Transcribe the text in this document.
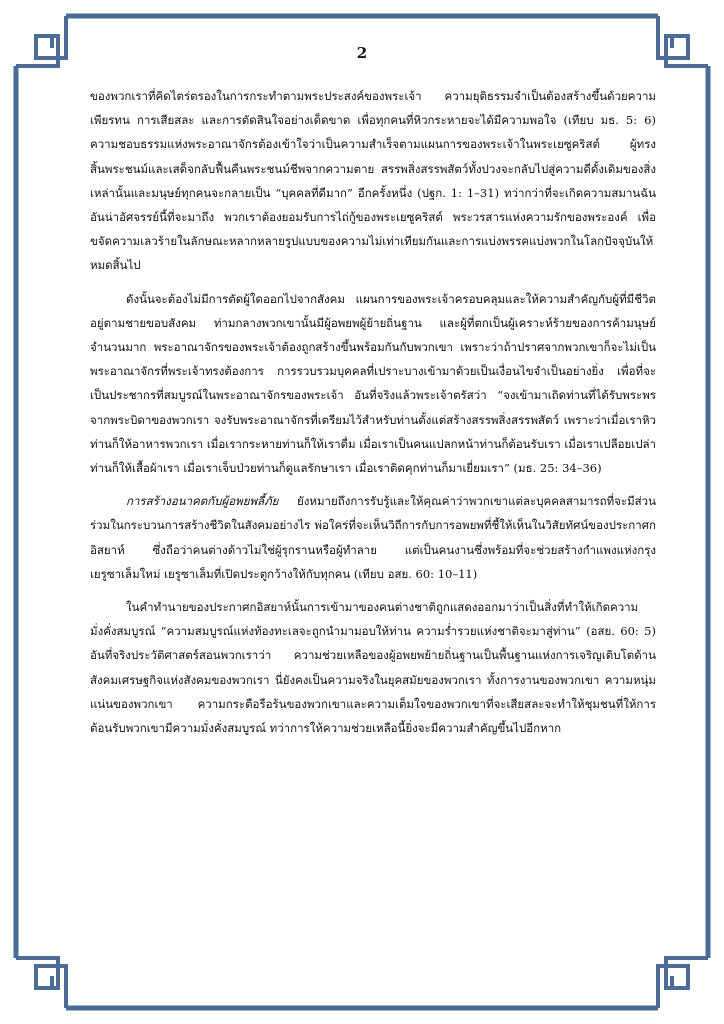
2

ของพวกเราที่คิดไตร่ตรองในการกระทำตามพระประสงค์ของพระเจ้า ความยุติธรรมจำเป็นต้องสร้างขึ้นด้วยความเพียรทน การเสียสละ และการตัดสินใจอย่างเด็ดขาด เพื่อทุกคนที่หิวกระหายจะได้มีความพอใจ (เทียบ มธ. 5: 6) ความชอบธรรมแห่งพระอาณาจักรต้องเข้าใจว่าเป็นความสำเร็จตามแผนการของพระเจ้าในพระเยซูคริสต์ ผู้ทรงสิ้นพระชนม์และเสด็จกลับฟื้นคืนพระชนม์ชีพจากความตาย สรรพสิ่งสรรพสัตว์ทั้งปวงจะกลับไปสู่ความดีดั้งเดิมของสิ่งเหล่านั้นและมนุษย์ทุกคนจะกลายเป็น “บุคคลที่ดีมาก” อีกครั้งหนึ่ง (ปฐก. 1: 1–31) ทว่ากว่าที่จะเกิดความสมานฉันอันน่าอัศจรรย์นี้ที่จะมาถึง พวกเราต้องยอมรับการไถ่กู้ของพระเยซูคริสต์ พระวรสารแห่งความรักของพระองค์ เพื่อขจัดความเลวร้ายในลักษณะหลากหลายรูปแบบของความไม่เท่าเทียมกันและการแบ่งพรรคแบ่งพวกในโลกปัจจุบันให้หมดสิ้นไป

ดังนั้นจะต้องไม่มีการตัดผู้ใดออกไปจากสังคม แผนการของพระเจ้าครอบคลุมและให้ความสำคัญกับผู้ที่มีชีวิตอยู่ตามชายขอบสังคม ท่ามกลางพวกเขานั้นมีผู้อพยพผู้ย้ายถิ่นฐาน และผู้ที่ตกเป็นผู้เคราะห์ร้ายของการค้ามนุษย์จำนวนมาก พระอาณาจักรของพระเจ้าต้องถูกสร้างขึ้นพร้อมกันกับพวกเขา เพราะว่าถ้าปราศจากพวกเขาก็จะไม่เป็นพระอาณาจักรที่พระเจ้าทรงต้องการ การรวบรวมบุคคลที่เปราะบางเข้ามาด้วยเป็นเงื่อนไขจำเป็นอย่างยิ่ง เพื่อที่จะเป็นประชากรที่สมบูรณ์ในพระอาณาจักรของพระเจ้า อันที่จริงแล้วพระเจ้าตรัสว่า “จงเข้ามาเถิดท่านที่ได้รับพระพรจากพระบิดาของพวกเรา จงรับพระอาณาจักรที่เตรียมไว้สำหรับท่านตั้งแต่สร้างสรรพสิ่งสรรพสัตว์ เพราะว่าเมื่อเราหิว ท่านก็ให้อาหารพวกเรา เมื่อเรากระหายท่านก็ให้เราดื่ม เมื่อเราเป็นคนแปลกหน้าท่านก็ต้อนรับเรา เมื่อเราเปลือยเปล่าท่านก็ให้เสื้อผ้าเรา เมื่อเราเจ็บป่วยท่านก็ดูแลรักษาเรา เมื่อเราติดคุกท่านก็มาเยี่ยมเรา” (มธ. 25: 34–36)

การสร้างอนาคตกับผู้อพยพลี้ภัย ยังหมายถึงการรับรู้และให้คุณค่าว่าพวกเขาแต่ละบุคคลสามารถที่จะมีส่วนร่วมในกระบวนการสร้างชีวิตในสังคมอย่างไร พ่อใคร่ที่จะเห็นวิถีการกับการอพยพที่ชี้ให้เห็นในวิสัยทัศน์ของประกาศกอิสยาห์ ซึ่งถือว่าคนต่างด้าวไม่ใช่ผู้รุกรานหรือผู้ทำลาย แต่เป็นคนงานซึ่งพร้อมที่จะช่วยสร้างกำแพงแห่งกรุงเยรูซาเล็มใหม่ เยรูซาเล็มที่เปิดประตูกว้างให้กับทุกคน (เทียบ อสย. 60: 10–11)

ในคำทำนายของประกาศกอิสยาห์นั้นการเข้ามาของคนต่างชาติถูกแสดงออกมาว่าเป็นสิ่งที่ทำให้เกิดความมั่งคั่งสมบูรณ์ “ความสมบูรณ์แห่งท้องทะเลจะถูกนำมามอบให้ท่าน ความร่ำรวยแห่งชาติจะมาสู่ท่าน” (อสย. 60: 5) อันที่จริงประวัติศาสตร์สอนพวกเราว่า ความช่วยเหลือของผู้อพยพย้ายถิ่นฐานเป็นพื้นฐานแห่งการเจริญเติบโตด้านสังคมเศรษฐกิจแห่งสังคมของพวกเรา นี่ยังคงเป็นความจริงในยุคสมัยของพวกเรา ทั้งการงานของพวกเขา ความหนุ่มแน่นของพวกเขา ความกระตือรือร้นของพวกเขาและความเต็มใจของพวกเขาที่จะเสียสละจะทำให้ชุมชนที่ให้การต้อนรับพวกเขามีความมั่งคั่งสมบูรณ์ ทว่าการให้ความช่วยเหลือนี้ยิ่งจะมีความสำคัญขึ้นไปอีกหาก
